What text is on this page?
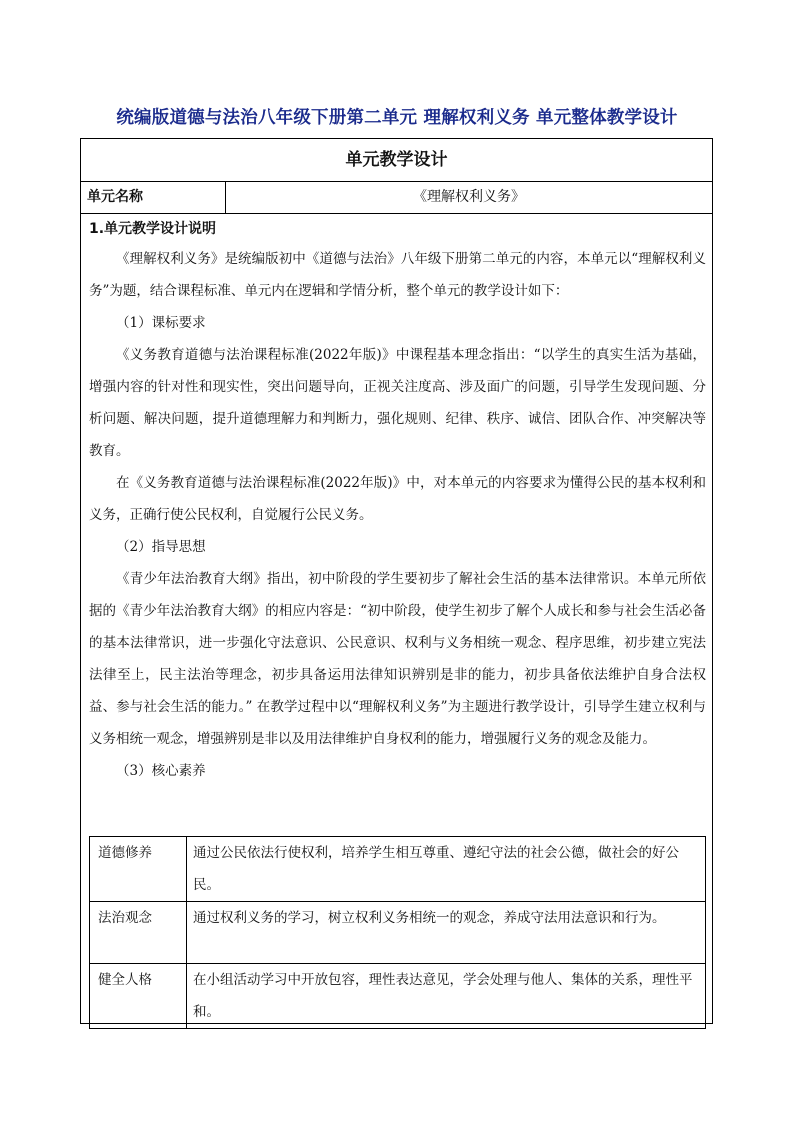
统编版道德与法治八年级下册第二单元 理解权利义务 单元整体教学设计
单元教学设计
单元名称	《理解权利义务》
1.单元教学设计说明

《理解权利义务》是统编版初中《道德与法治》八年级下册第二单元的内容，本单元以“理解权利义务”为题，结合课程标准、单元内在逻辑和学情分析，整个单元的教学设计如下：

（1）课标要求

《义务教育道德与法治课程标准(2022年版)》中课程基本理念指出：“以学生的真实生活为基础，增强内容的针对性和现实性，突出问题导向，正视关注度高、涉及面广的问题，引导学生发现问题、分析问题、解决问题，提升道德理解力和判断力，强化规则、纪律、秩序、诚信、团队合作、冲突解决等教育。

在《义务教育道德与法治课程标准(2022年版)》中，对本单元的内容要求为懂得公民的基本权利和义务，正确行使公民权利，自觉履行公民义务。

（2）指导思想

《青少年法治教育大纲》指出，初中阶段的学生要初步了解社会生活的基本法律常识。本单元所依据的《青少年法治教育大纲》的相应内容是：“初中阶段，使学生初步了解个人成长和参与社会生活必备的基本法律常识，进一步强化守法意识、公民意识、权利与义务相统一观念、程序思维，初步建立宪法法律至上，民主法治等理念，初步具备运用法律知识辨别是非的能力，初步具备依法维护自身合法权益、参与社会生活的能力。” 在教学过程中以“理解权利义务”为主题进行教学设计，引导学生建立权利与义务相统一观念，增强辨别是非以及用法律维护自身权利的能力，增强履行义务的观念及能力。

（3）核心素养

道德修养	通过公民依法行使权利，培养学生相互尊重、遵纪守法的社会公德，做社会的好公民。
法治观念	通过权利义务的学习，树立权利义务相统一的观念，养成守法用法意识和行为。
健全人格	在小组活动学习中开放包容，理性表达意见，学会处理与他人、集体的关系，理性平和。
